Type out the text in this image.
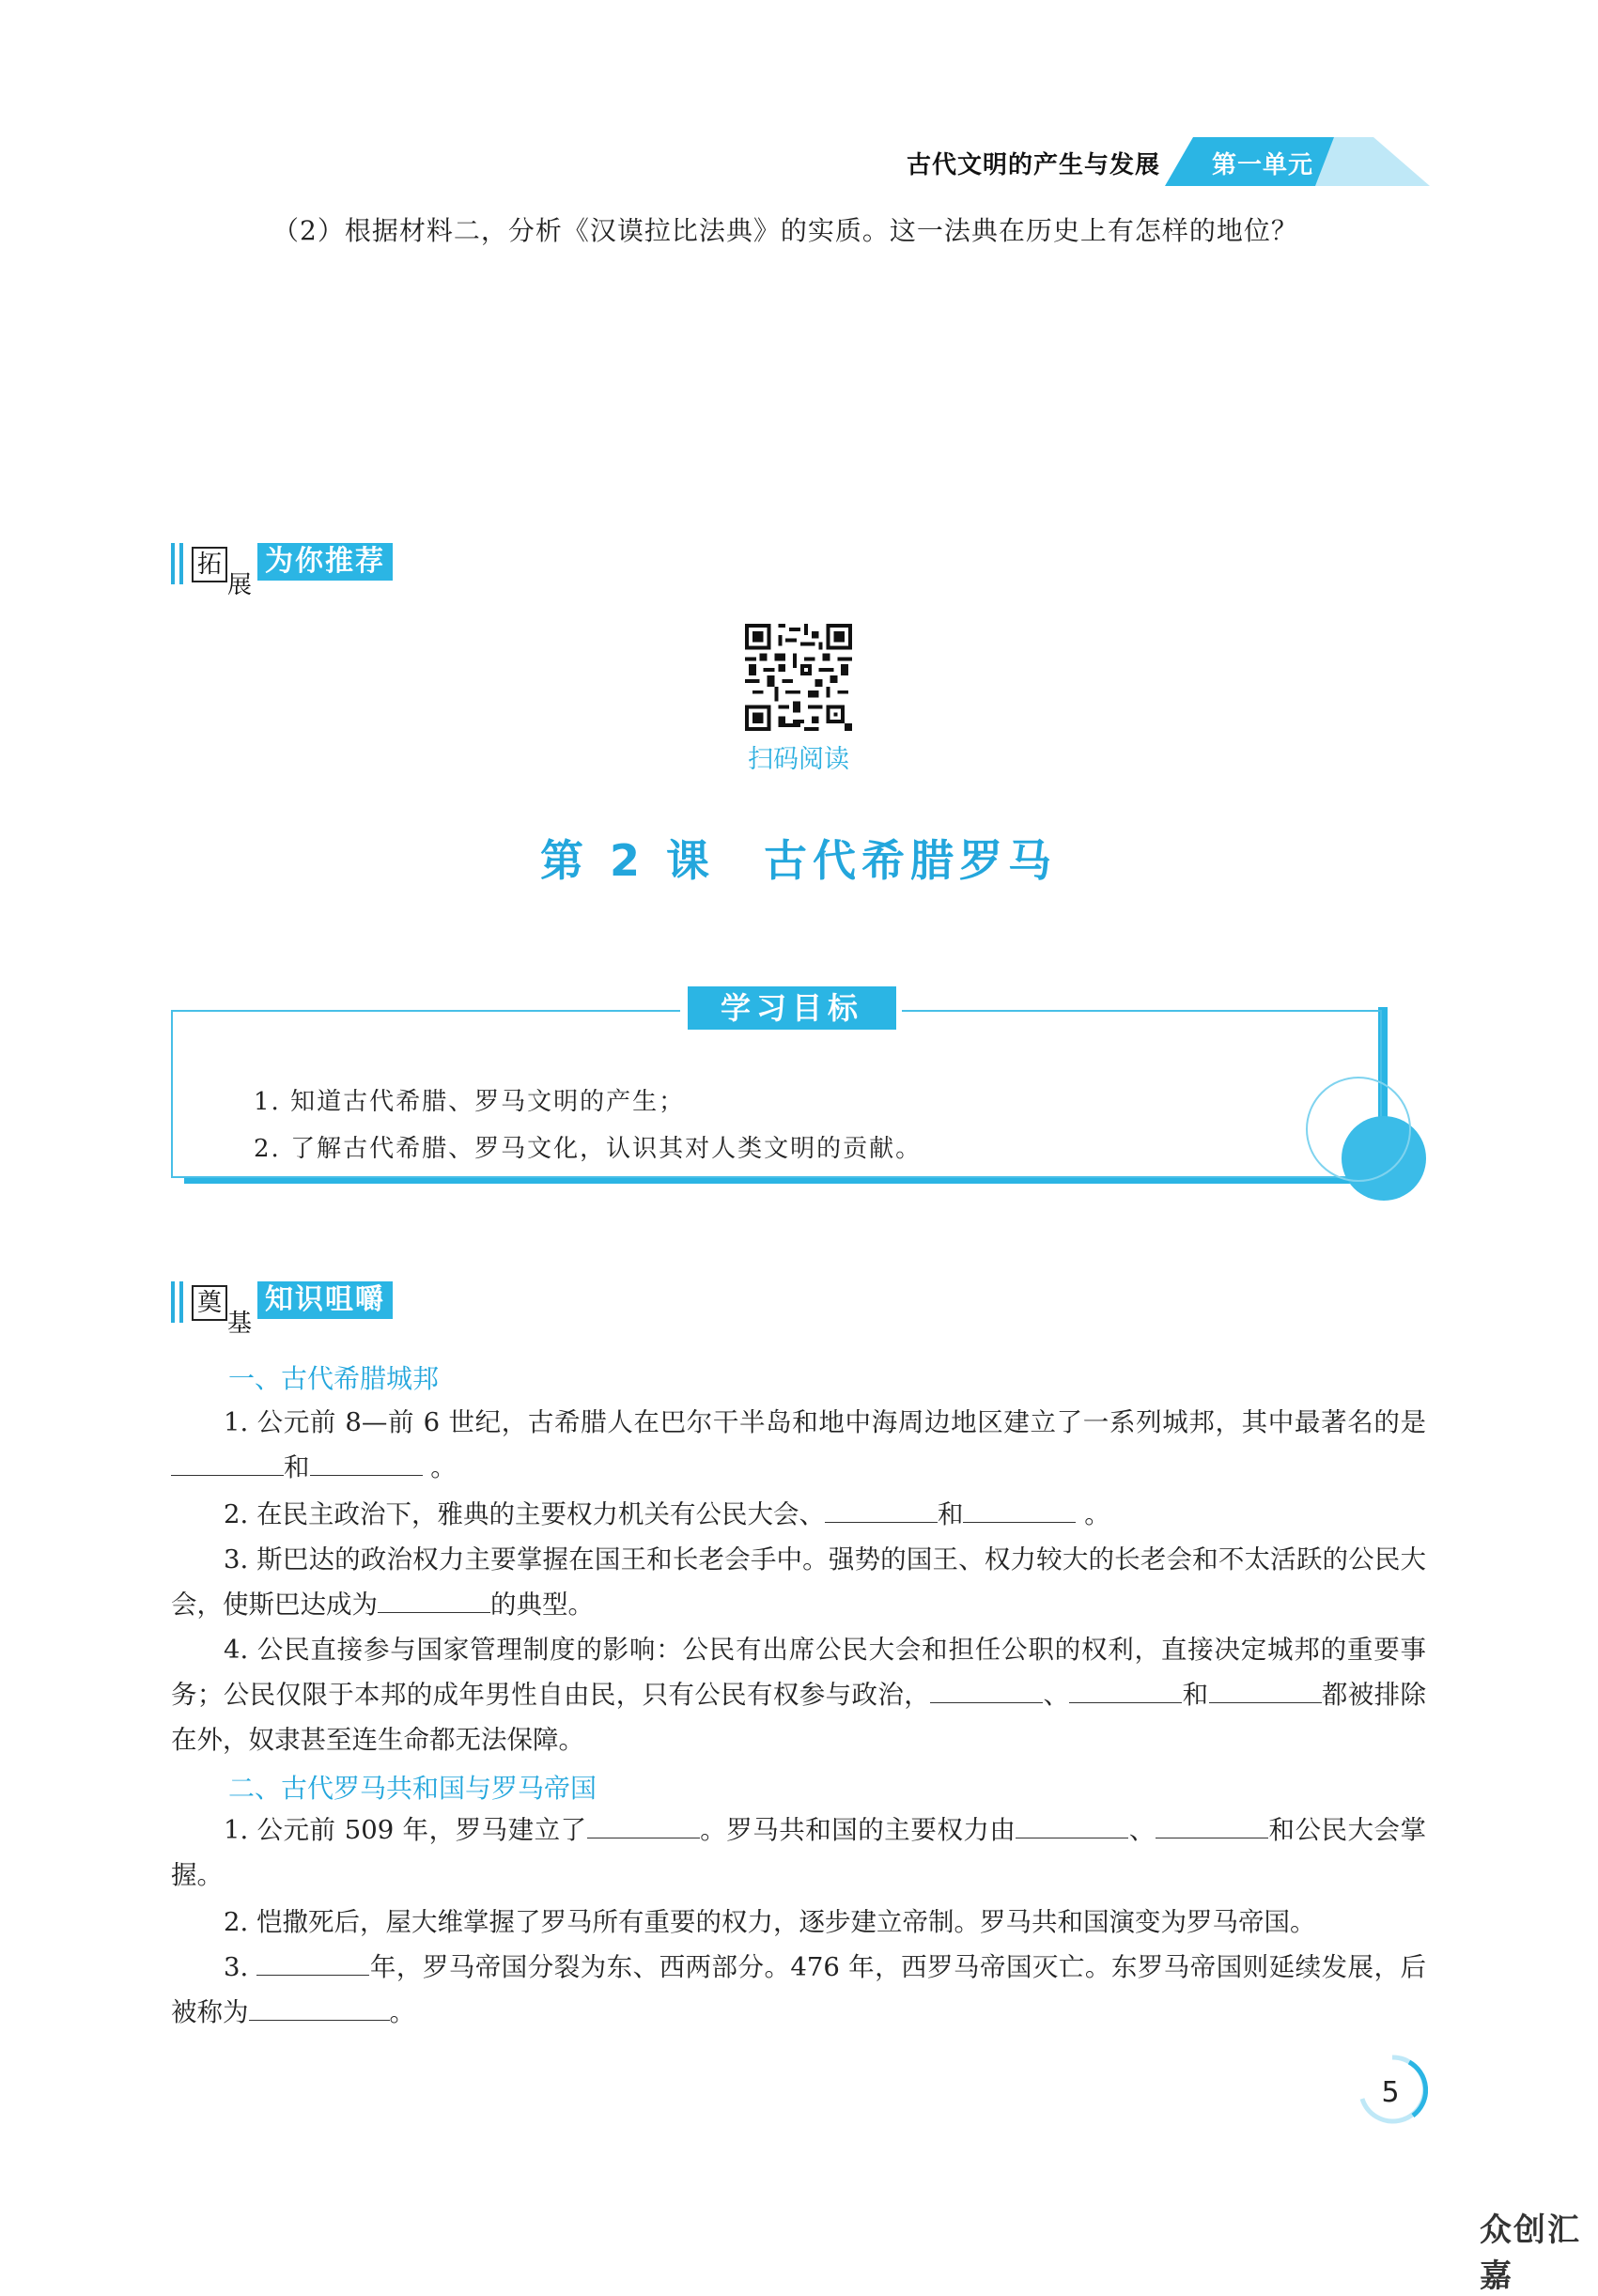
古代文明的产生与发展 第一单元
（2）根据材料二，分析《汉谟拉比法典》的实质。这一法典在历史上有怎样的地位？
拓
展
为你推荐
扫码阅读
第 2 课　古代希腊罗马
学习目标
1. 知道古代希腊、罗马文明的产生；
2. 了解古代希腊、罗马文化，认识其对人类文明的贡献。
奠
基
知识咀嚼
一、古代希腊城邦
1. 公元前 8—前 6 世纪，古希腊人在巴尔干半岛和地中海周边地区建立了一系列城邦，其中最著名的是和	。
2. 在民主政治下，雅典的主要权力机关有公民大会、	和	。
3. 斯巴达的政治权力主要掌握在国王和长老会手中。强势的国王、权力较大的长老会和不太活跃的公民大会，使斯巴达成为	的典型。
4. 公民直接参与国家管理制度的影响：公民有出席公民大会和担任公职的权利，直接决定城邦的重要事务；公民仅限于本邦的成年男性自由民，只有公民有权参与政治，	、	和	都被排除在外，奴隶甚至连生命都无法保障。
二、古代罗马共和国与罗马帝国
1. 公元前 509 年，罗马建立了	。罗马共和国的主要权力由	、	和公民大会掌握。
2. 恺撒死后，屋大维掌握了罗马所有重要的权力，逐步建立帝制。罗马共和国演变为罗马帝国。
3.	年，罗马帝国分裂为东、西两部分。476 年，西罗马帝国灭亡。东罗马帝国则延续发展，后被称为	。
5
众创汇嘉
